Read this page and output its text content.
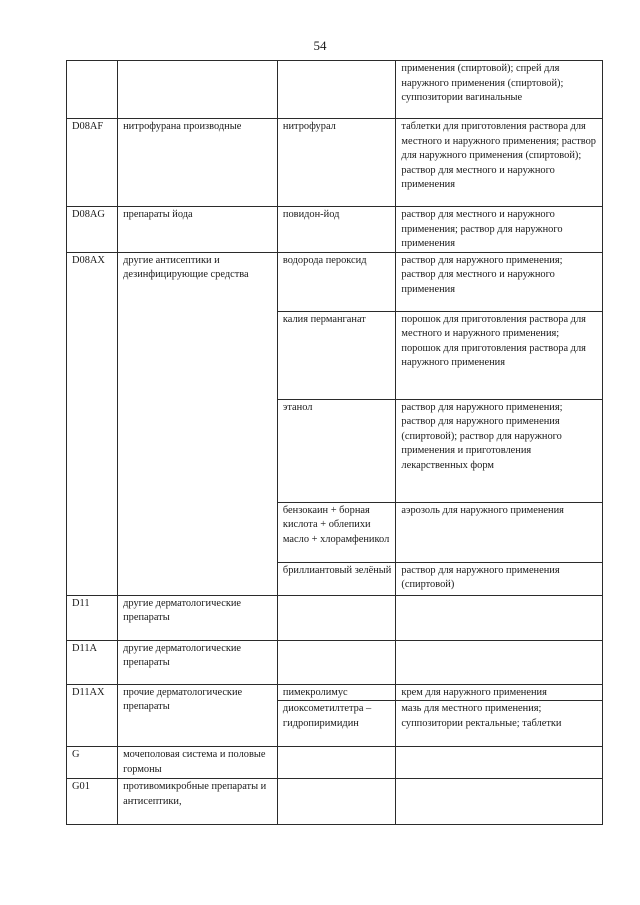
54
			применения (спиртовой); спрей для наружного применения (спиртовой); суппозитории вагинальные
D08AF	нитрофурана производные	нитрофурал	таблетки для приготовления раствора для местного и наружного применения; раствор для наружного применения (спиртовой); раствор для местного и наружного применения
D08AG	препараты йода	повидон-йод	раствор для местного и наружного применения; раствор для наружного применения
D08AX	другие антисептики и дезинфицирующие средства	водорода пероксид	раствор для наружного применения; раствор для местного и наружного применения
		калия перманганат	порошок для приготовления раствора для местного и наружного применения; порошок для приготовления раствора для наружного применения
		этанол	раствор для наружного применения; раствор для наружного применения (спиртовой); раствор для наружного применения и приготовления лекарственных форм
		бензокаин + борная кислота + облепихи масло + хлорамфеникол	аэрозоль для наружного применения
		бриллиантовый зелёный	раствор для наружного применения (спиртовой)
D11	другие дерматологические препараты		
D11A	другие дерматологические препараты		
D11AX	прочие дерматологические препараты	пимекролимус	крем для наружного применения
		диоксометилтетра – гидропиримидин	мазь для местного применения; суппозитории ректальные; таблетки
G	мочеполовая система и половые гормоны		
G01	противомикробные препараты и антисептики,		
